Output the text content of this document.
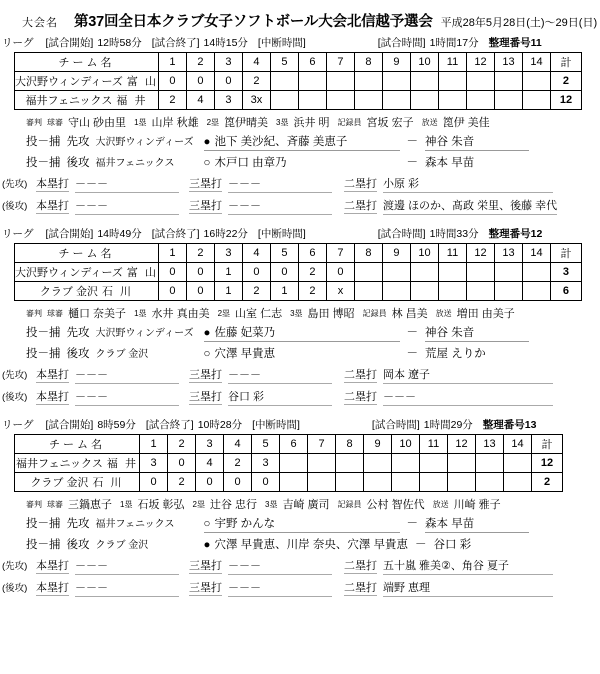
大会名 第37回全日本クラブ女子ソフトボール大会北信越予選会 平成28年5月28日(土)〜29日(日)
リーグ [試合開始] 12時58分 [試合終了] 14時15分 [中断時間]	[試合時間] 1時間17分 整理番号 11
チーム名	1	2	3	4	5	6	7	8	9	10	11	12	13	14	計
大沢野ウィンディーズ 富 山	0	0	0	2											2
福井フェニックス 福 井	2	4	3	3x											12
審判 球審 守山 砂由里 1塁 山岸 秋雄 2塁 箆伊晴美 3塁 浜井 明 記録員 宮坂 宏子 放送 箆伊 美佳
投－捕 先攻 大沢野ウィンディーズ ● 池下 美沙紀、斉藤 美恵子	－ 神谷 朱音
投－捕 後攻 福井フェニックス	○ 木戸口 由章乃	－ 森本 早苗
(先攻) 本塁打 －－－	三塁打 －－－	二塁打 小原 彩
(後攻) 本塁打 －－－	三塁打 －－－	二塁打 渡邊 ほのか、髙政 栄里、後藤 幸代
リーグ [試合開始] 14時49分 [試合終了] 16時22分 [中断時間]	[試合時間] 1時間33分 整理番号 12
チーム名	1	2	3	4	5	6	7	8	9	10	11	12	13	14	計
大沢野ウィンディーズ 富 山	0	0	1	0	0	2	0								3
クラブ 金沢 石 川	0	0	1	2	1	2	x								6
審判 球審 樋口 奈美子 1塁 水井 真由美 2塁 山室 仁志 3塁 島田 博昭 記録員 林 昌美 放送 増田 由美子
投－捕 先攻 大沢野ウィンディーズ ● 佐藤 妃菜乃	－ 神谷 朱音
投－捕 後攻 クラブ 金沢	○ 穴澤 早貴恵	－ 荒屋 えりか
(先攻) 本塁打 －－－	三塁打 －－－	二塁打 岡本 遼子
(後攻) 本塁打 －－－	三塁打 谷口 彩	二塁打 －－－
リーグ [試合開始] 8時59分 [試合終了] 10時28分 [中断時間]	[試合時間] 1時間29分 整理番号 13
チーム名	1	2	3	4	5	6	7	8	9	10	11	12	13	14	計
福井フェニックス 福 井	3	0	4	2	3										12
クラブ 金沢 石 川	0	2	0	0	0										2
審判 球審 三鍋恵子 1塁 石坂 彰弘 2塁 辻谷 忠行 3塁 吉崎 廣司 記録員 公村 智佐代 放送 川崎 雅子
投－捕 先攻 福井フェニックス	○ 宇野 かんな	－ 森本 早苗
投－捕 後攻 クラブ 金沢	● 穴澤 早貴恵、川岸 奈央、穴澤 早貴恵 － 谷口 彩
(先攻) 本塁打 －－－	三塁打 －－－	二塁打 五十嵐 雅美②、角谷 夏子
(後攻) 本塁打 －－－	三塁打 －－－	二塁打 端野 恵理
